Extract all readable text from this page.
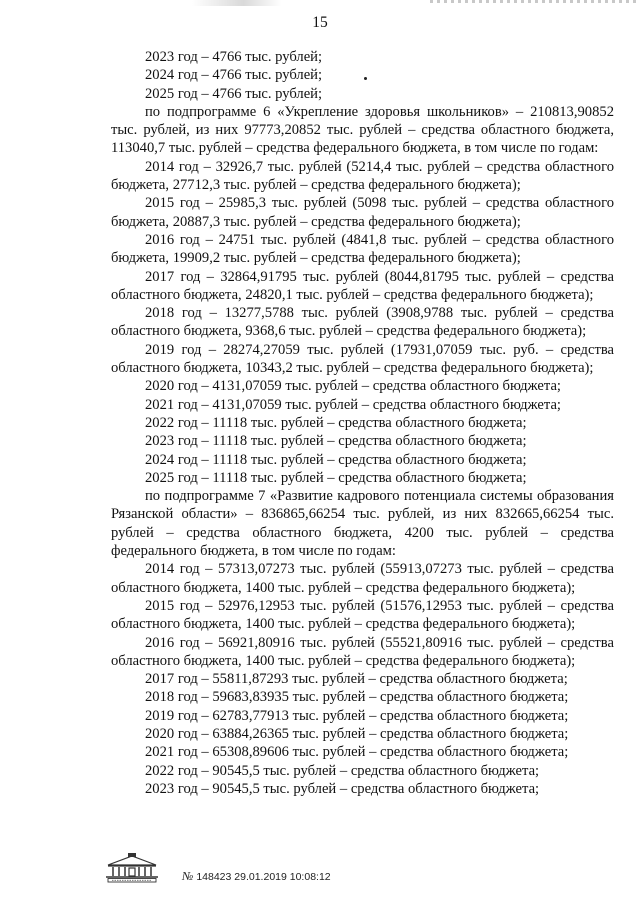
15

2023 год – 4766 тыс. рублей;

2024 год – 4766 тыс. рублей;

2025 год – 4766 тыс. рублей;

по подпрограмме 6 «Укрепление здоровья школьников» – 210813,90852 тыс. рублей, из них 97773,20852 тыс. рублей – средства областного бюджета, 113040,7 тыс. рублей – средства федерального бюджета, в том числе по годам:

2014 год – 32926,7 тыс. рублей (5214,4 тыс. рублей – средства областного бюджета, 27712,3 тыс. рублей – средства федерального бюджета);

2015 год – 25985,3 тыс. рублей (5098 тыс. рублей – средства областного бюджета, 20887,3 тыс. рублей – средства федерального бюджета);

2016 год – 24751 тыс. рублей (4841,8 тыс. рублей – средства областного бюджета, 19909,2 тыс. рублей – средства федерального бюджета);

2017 год – 32864,91795 тыс. рублей (8044,81795 тыс. рублей – средства областного бюджета, 24820,1 тыс. рублей – средства федерального бюджета);

2018 год – 13277,5788 тыс. рублей (3908,9788 тыс. рублей – средства областного бюджета, 9368,6 тыс. рублей – средства федерального бюджета);

2019 год – 28274,27059 тыс. рублей (17931,07059 тыс. руб. – средства областного бюджета, 10343,2 тыс. рублей – средства федерального бюджета);

2020 год – 4131,07059 тыс. рублей – средства областного бюджета;

2021 год – 4131,07059 тыс. рублей – средства областного бюджета;

2022 год – 11118 тыс. рублей – средства областного бюджета;

2023 год – 11118 тыс. рублей – средства областного бюджета;

2024 год – 11118 тыс. рублей – средства областного бюджета;

2025 год – 11118 тыс. рублей – средства областного бюджета;

по подпрограмме 7 «Развитие кадрового потенциала системы образования Рязанской области» – 836865,66254 тыс. рублей, из них 832665,66254 тыс. рублей – средства областного бюджета, 4200 тыс. рублей – средства федерального бюджета, в том числе по годам:

2014 год – 57313,07273 тыс. рублей (55913,07273 тыс. рублей – средства областного бюджета, 1400 тыс. рублей – средства федерального бюджета);

2015 год – 52976,12953 тыс. рублей (51576,12953 тыс. рублей – средства областного бюджета, 1400 тыс. рублей – средства федерального бюджета);

2016 год – 56921,80916 тыс. рублей (55521,80916 тыс. рублей – средства областного бюджета, 1400 тыс. рублей – средства федерального бюджета);

2017 год – 55811,87293 тыс. рублей – средства областного бюджета;

2018 год – 59683,83935 тыс. рублей – средства областного бюджета;

2019 год – 62783,77913 тыс. рублей – средства областного бюджета;

2020 год – 63884,26365 тыс. рублей – средства областного бюджета;

2021 год – 65308,89606 тыс. рублей – средства областного бюджета;

2022 год – 90545,5 тыс. рублей – средства областного бюджета;

2023 год – 90545,5 тыс. рублей – средства областного бюджета;

№ 148423 29.01.2019 10:08:12
